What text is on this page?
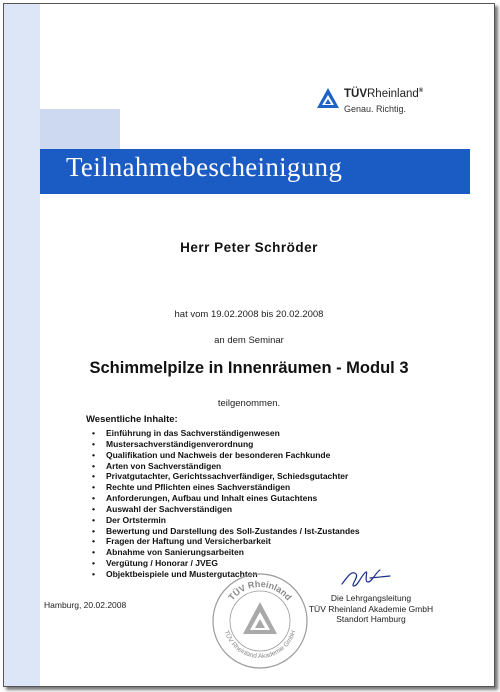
Teilnahmebescheinigung
TÜVRheinland®
Genau. Richtig.
Herr Peter Schröder
hat vom 19.02.2008 bis 20.02.2008
an dem Seminar
Schimmelpilze in Innenräumen - Modul 3
teilgenommen.
Wesentliche Inhalte:
• Einführung in das Sachverständigenwesen
• Mustersachverständigenverordnung
• Qualifikation und Nachweis der besonderen Fachkunde
• Arten von Sachverständigen
• Privatgutachter, Gerichtssachverfändiger, Schiedsgutachter
• Rechte und Pflichten eines Sachverständigen
• Anforderungen, Aufbau und Inhalt eines Gutachtens
• Auswahl der Sachverständigen
• Der Ortstermin
• Bewertung und Darstellung des Soll-Zustandes / Ist-Zustandes
• Fragen der Haftung und Versicherbarkeit
• Abnahme von Sanierungsarbeiten
• Vergütung / Honorar / JVEG
• Objektbeispiele und Mustergutachten
Hamburg, 20.02.2008
TÜV Rheinland
TÜV Rheinland Akademie GmbH
Die Lehrgangsleitung
TÜV Rheinland Akademie GmbH
Standort Hamburg
